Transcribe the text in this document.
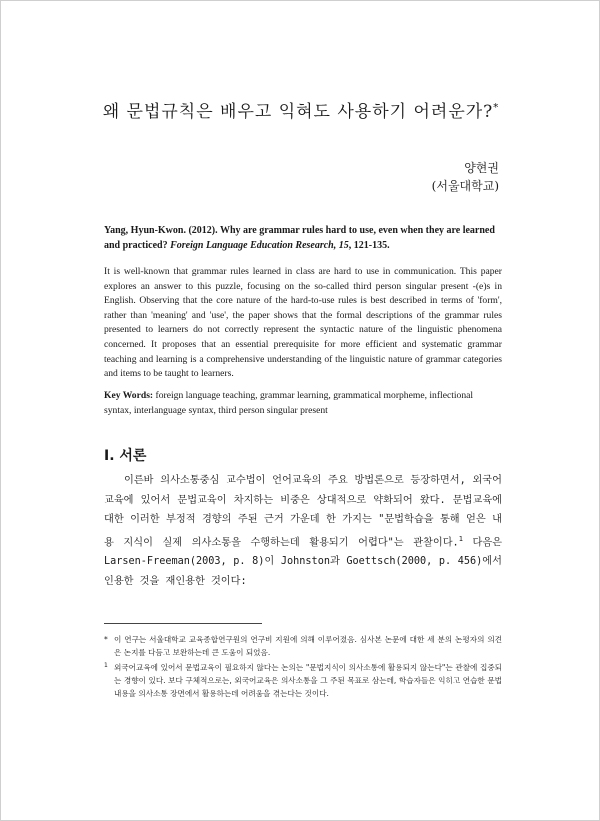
왜 문법규칙은 배우고 익혀도 사용하기 어려운가?*
양현권
(서울대학교)
Yang, Hyun-Kwon. (2012). Why are grammar rules hard to use, even when they are learned and practiced? Foreign Language Education Research, 15, 121-135.
It is well-known that grammar rules learned in class are hard to use in communication. This paper explores an answer to this puzzle, focusing on the so-called third person singular present -(e)s in English. Observing that the core nature of the hard-to-use rules is best described in terms of 'form', rather than 'meaning' and 'use', the paper shows that the formal descriptions of the grammar rules presented to learners do not correctly represent the syntactic nature of the linguistic phenomena concerned. It proposes that an essential prerequisite for more efficient and systematic grammar teaching and learning is a comprehensive understanding of the linguistic nature of grammar categories and items to be taught to learners.
Key Words: foreign language teaching, grammar learning, grammatical morpheme, inflectional syntax, interlanguage syntax, third person singular present
Ⅰ. 서론
이른바 의사소통중심 교수법이 언어교육의 주요 방법론으로 등장하면서, 외국어교육에 있어서 문법교육이 차지하는 비중은 상대적으로 약화되어 왔다. 문법교육에 대한 이러한 부정적 경향의 주된 근거 가운데 한 가지는 "문법학습을 통해 얻은 내용 지식이 실제 의사소통을 수행하는데 활용되기 어렵다"는 관찰이다.$^1$ 다음은 Larsen-Freeman(2003, p. 8)이 Johnston과 Goettsch(2000, p. 456)에서 인용한 것을 재인용한 것이다:
* 이 연구는 서울대학교 교육종합연구원의 연구비 지원에 의해 이루어졌음. 심사본 논문에 대한 세 분의 논평자의 의견은 논지를 다듬고 보완하는데 큰 도움이 되었음.
1 외국어교육에 있어서 문법교육이 필요하지 않다는 논의는 "문법지식이 의사소통에 활용되지 않는다"는 관찰에 집중되는 경향이 있다. 보다 구체적으로는, 외국어교육은 의사소통을 그 주된 목표로 삼는데, 학습자들은 익히고 연습한 문법 내용을 의사소통 장면에서 활용하는데 어려움을 겪는다는 것이다.
